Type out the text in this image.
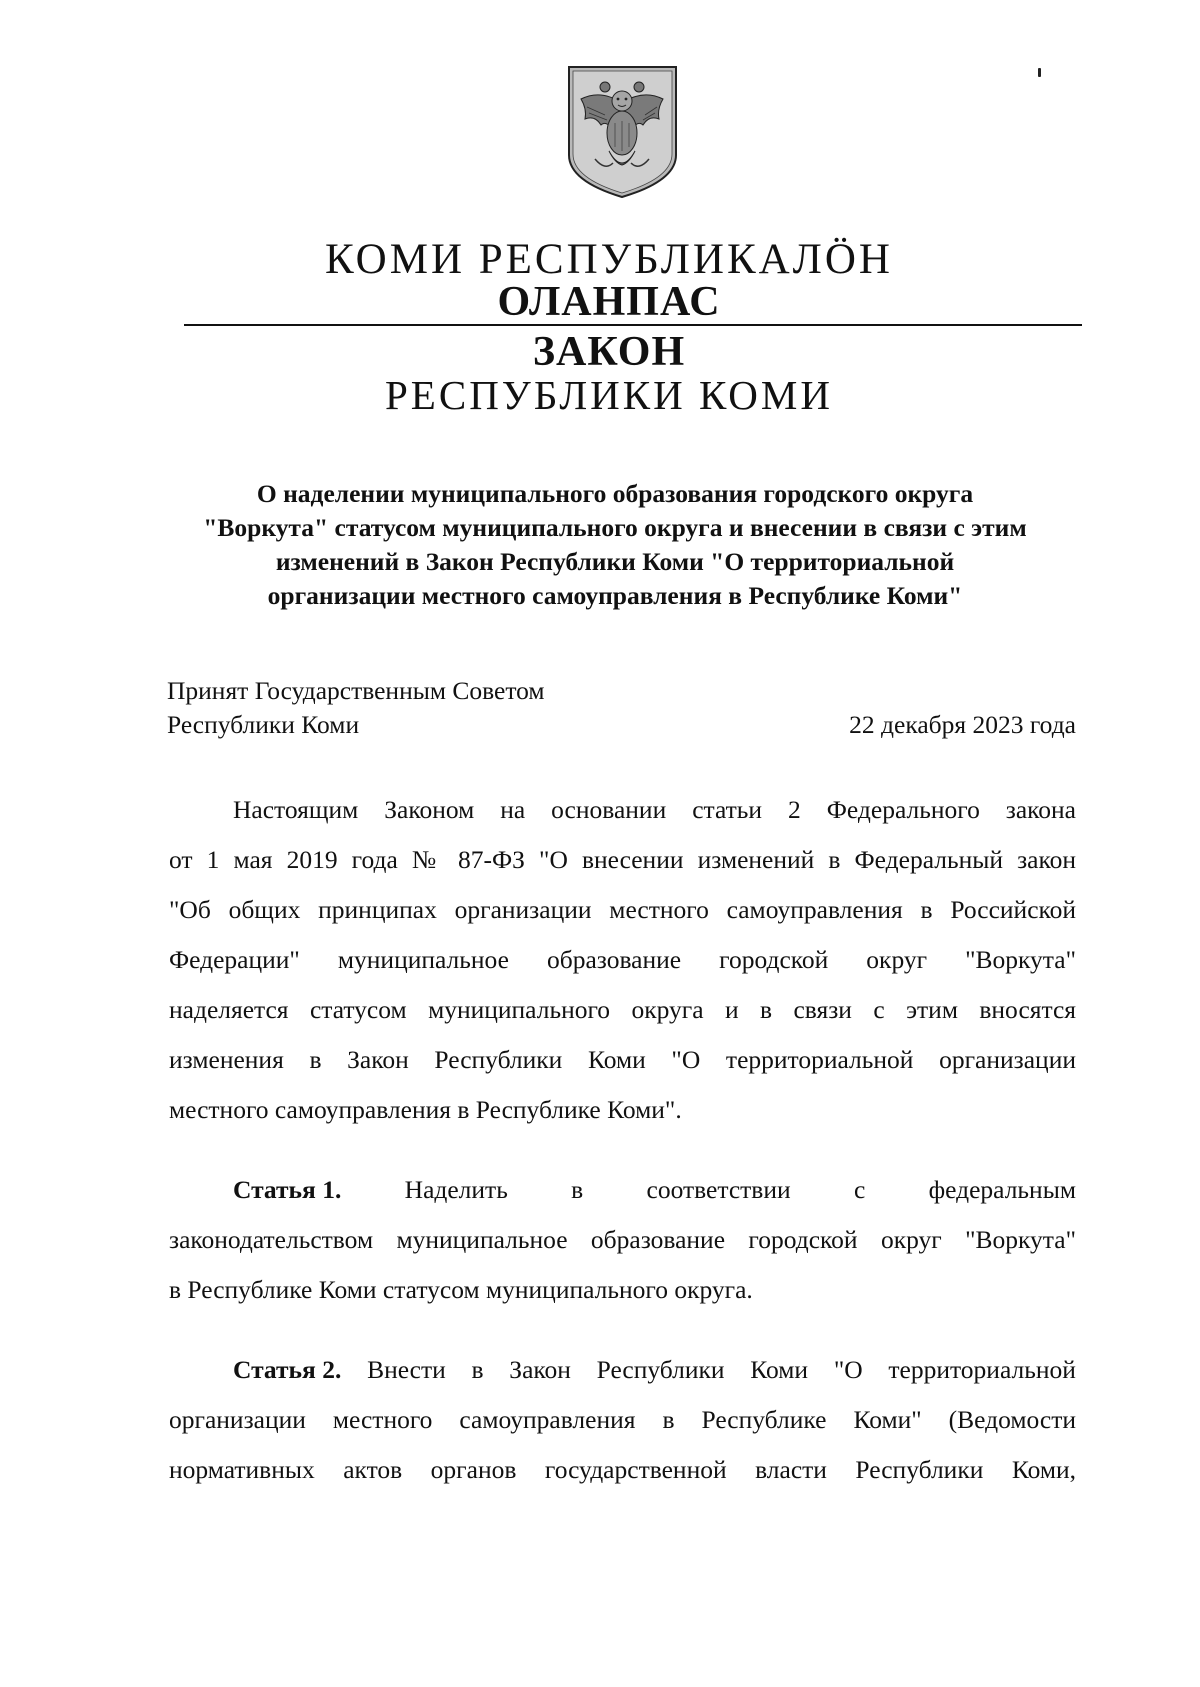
КОМИ РЕСПУБЛИКАЛӦН
ОЛАНПАС
ЗАКОН
РЕСПУБЛИКИ КОМИ
О наделении муниципального образования городского округа
"Воркута" статусом муниципального округа и внесении в связи с этим
изменений в Закон Республики Коми "О территориальной
организации местного самоуправления в Республике Коми"
Принят Государственным Советом
Республики Коми	22 декабря 2023 года
Настоящим Законом на основании статьи 2 Федерального закона
от 1 мая 2019 года № 87-ФЗ "О внесении изменений в Федеральный закон
"Об общих принципах организации местного самоуправления в Российской
Федерации" муниципальное образование городской округ "Воркута"
наделяется статусом муниципального округа и в связи с этим вносятся
изменения в Закон Республики Коми "О территориальной организации
местного самоуправления в Республике Коми".
Статья 1. Наделить в соответствии с федеральным
законодательством муниципальное образование городской округ "Воркута"
в Республике Коми статусом муниципального округа.
Статья 2. Внести в Закон Республики Коми "О территориальной
организации местного самоуправления в Республике Коми" (Ведомости
нормативных актов органов государственной власти Республики Коми,
